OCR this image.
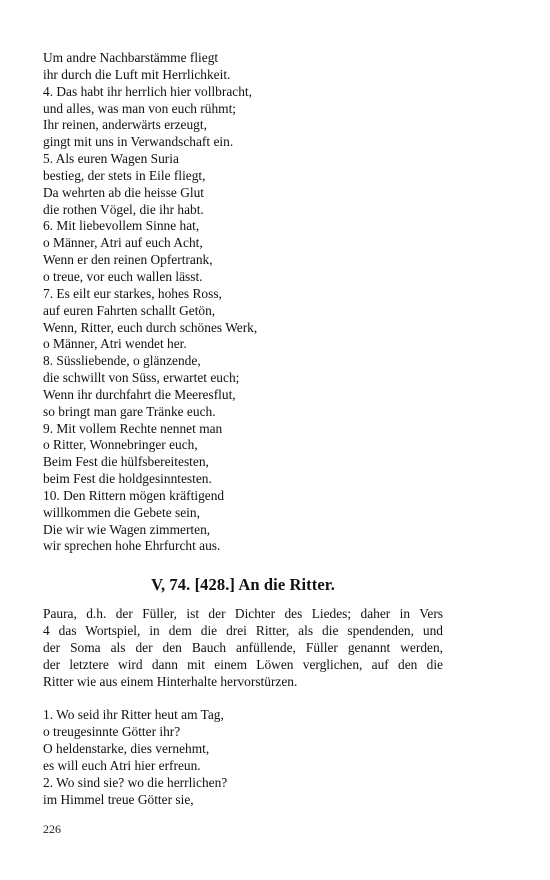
Um andre Nachbarstämme fliegt
ihr durch die Luft mit Herrlichkeit.
4. Das habt ihr herrlich hier vollbracht,
und alles, was man von euch rühmt;
Ihr reinen, anderwärts erzeugt,
gingt mit uns in Verwandschaft ein.
5. Als euren Wagen Suria
bestieg, der stets in Eile fliegt,
Da wehrten ab die heisse Glut
die rothen Vögel, die ihr habt.
6. Mit liebevollem Sinne hat,
o Männer, Atri auf euch Acht,
Wenn er den reinen Opfertrank,
o treue, vor euch wallen lässt.
7. Es eilt eur starkes, hohes Ross,
auf euren Fahrten schallt Getön,
Wenn, Ritter, euch durch schönes Werk,
o Männer, Atri wendet her.
8. Süssliebende, o glänzende,
die schwillt von Süss, erwartet euch;
Wenn ihr durchfahrt die Meeresflut,
so bringt man gare Tränke euch.
9. Mit vollem Rechte nennet man
o Ritter, Wonnebringer euch,
Beim Fest die hülfsbereitesten,
beim Fest die holdgesinntesten.
10. Den Rittern mögen kräftigend
willkommen die Gebete sein,
Die wir wie Wagen zimmerten,
wir sprechen hohe Ehrfurcht aus.
V, 74. [428.] An die Ritter.
Paura, d.h. der Füller, ist der Dichter des Liedes; daher in Vers
4 das Wortspiel, in dem die drei Ritter, als die spendenden, und
der Soma als der den Bauch anfüllende, Füller genannt werden,
der letztere wird dann mit einem Löwen verglichen, auf den die
Ritter wie aus einem Hinterhalte hervorstürzen.
1. Wo seid ihr Ritter heut am Tag,
o treugesinnte Götter ihr?
O heldenstarke, dies vernehmt,
es will euch Atri hier erfreun.
2. Wo sind sie? wo die herrlichen?
im Himmel treue Götter sie,
226
